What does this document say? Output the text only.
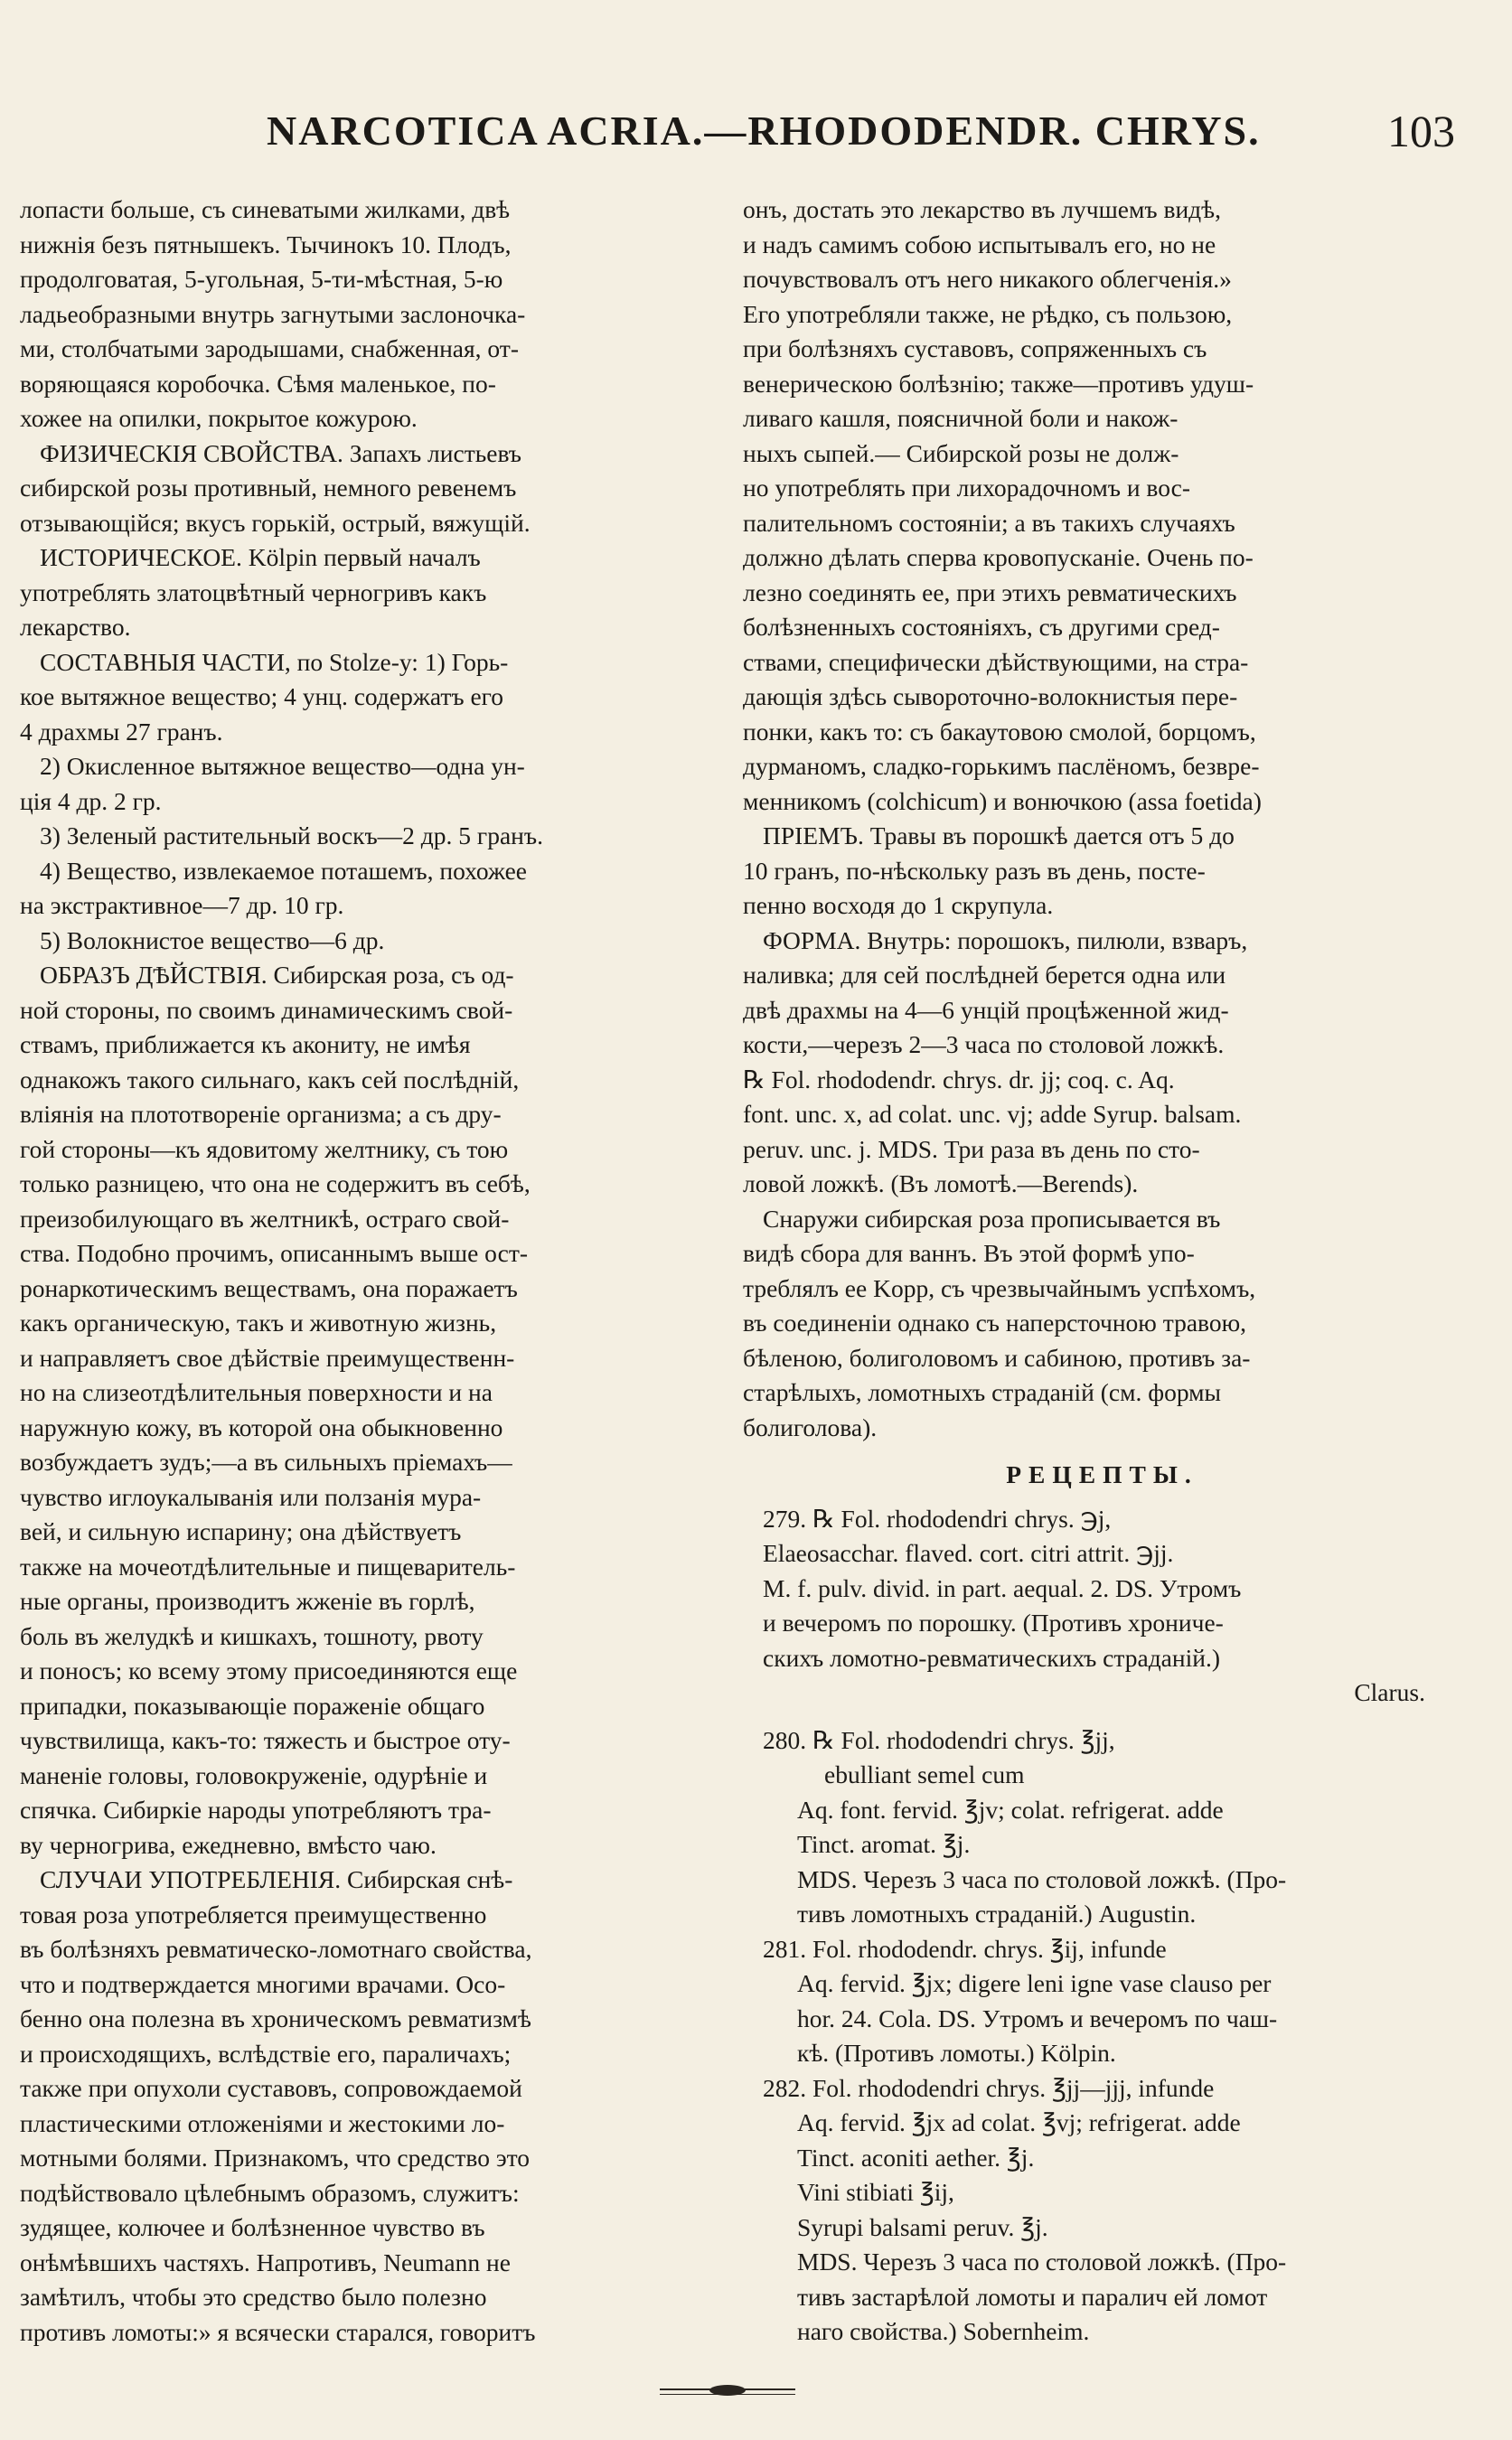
NARCOTICA ACRIA.—RHODODENDR. CHRYS.	103

лопасти больше, съ синеватыми жилками, двѣ

нижнія безъ пятнышекъ. Тычинокъ 10. Плодъ,

продолговатая, 5-угольная, 5-ти-мѣстная, 5-ю

ладьеобразными внутрь загнутыми заслоночка-

ми, столбчатыми зародышами, снабженная, от-

воряющаяся коробочка. Сѣмя маленькое, по-

хожее на опилки, покрытое кожурою.

ФИЗИЧЕСКІЯ СВОЙСТВА. Запахъ листьевъ

сибирской розы противный, немного ревенемъ

отзывающійся; вкусъ горькій, острый, вяжущій.

ИСТОРИЧЕСКОЕ. Kölpin первый началъ

употреблять златоцвѣтный черногривъ какъ

лекарство.

СОСТАВНЫЯ ЧАСТИ, по Stolze-у: 1) Горь-

кое вытяжное вещество; 4 унц. содержатъ его

4 драхмы 27 гранъ.

2) Окисленное вытяжное вещество—одна ун-

ція 4 др. 2 гр.

3) Зеленый растительный воскъ—2 др. 5 гранъ.

4) Вещество, извлекаемое поташемъ, похожее

на экстрактивное—7 др. 10 гр.

5) Волокнистое вещество—6 др.

ОБРАЗЪ ДѢЙСТВІЯ. Сибирская роза, съ од-

ной стороны, по своимъ динамическимъ свой-

ствамъ, приближается къ акониту, не имѣя

однакожъ такого сильнаго, какъ сей послѣдній,

вліянія на плототвореніе организма; а съ дру-

гой стороны—къ ядовитому желтнику, съ тою

только разницею, что она не содержитъ въ себѣ,

преизобилующаго въ желтникѣ, остраго свой-

ства. Подобно прочимъ, описаннымъ выше ост-

ронаркотическимъ веществамъ, она поражаетъ

какъ органическую, такъ и животную жизнь,

и направляетъ свое дѣйствіе преимущественн-

но на слизеотдѣлительныя поверхности и на

наружную кожу, въ которой она обыкновенно

возбуждаетъ зудъ;—а въ сильныхъ пріемахъ—

чувство иглоукалыванія или ползанія мура-

вей, и сильную испарину; она дѣйствуетъ

также на мочеотдѣлительные и пищеваритель-

ные органы, производитъ жженіе въ горлѣ,

боль въ желудкѣ и кишкахъ, тошноту, рвоту

и поносъ; ко всему этому присоединяются еще

припадки, показывающіе пораженіе общаго

чувствилища, какъ-то: тяжесть и быстрое оту-

маненіе головы, головокруженіе, одурѣніе и

спячка. Сибиркіе народы употребляютъ тра-

ву черногрива, ежедневно, вмѣсто чаю.

СЛУЧАИ УПОТРЕБЛЕНІЯ. Сибирская снѣ-

товая роза употребляется преимущественно

въ болѣзняхъ ревматическо-ломотнаго свойства,

что и подтверждается многими врачами. Осо-

бенно она полезна въ хроническомъ ревматизмѣ

и происходящихъ, вслѣдствіе его, параличахъ;

также при опухоли суставовъ, сопровождаемой

пластическими отложеніями и жестокими ло-

мотными болями. Признакомъ, что средство это

подѣйствовало цѣлебнымъ образомъ, служитъ:

зудящее, колючее и болѣзненное чувство въ

онѣмѣвшихъ частяхъ. Напротивъ, Neumann не

замѣтилъ, чтобы это средство было полезно

противъ ломоты:» я всячески старался, говоритъ

онъ, достать это лекарство въ лучшемъ видѣ,

и надъ самимъ собою испытывалъ его, но не

почувствовалъ отъ него никакого облегченія.»

Его употребляли также, не рѣдко, съ пользою,

при болѣзняхъ суставовъ, сопряженныхъ съ

венерическою болѣзнію; также—противъ удуш-

ливаго кашля, поясничной боли и накож-

ныхъ сыпей.— Сибирской розы не долж-

но употреблять при лихорадочномъ и вос-

палительномъ состояніи; а въ такихъ случаяхъ

должно дѣлать сперва кровопусканіе. Очень по-

лезно соединять ее, при этихъ ревматическихъ

болѣзненныхъ состояніяхъ, съ другими сред-

ствами, специфически дѣйствующими, на стра-

дающія здѣсь сывороточно-волокнистыя пере-

понки, какъ то: съ бакаутовою смолой, борцомъ,

дурманомъ, сладко-горькимъ паслёномъ, безвре-

менникомъ (colchicum) и вонючкою (assa foetida)

ПРІЕМЪ. Травы въ порошкѣ дается отъ 5 до

10 гранъ, по-нѣскольку разъ въ день, посте-

пенно восходя до 1 скрупула.

ФОРМА. Внутрь: порошокъ, пилюли, взваръ,

наливка; для сей послѣдней берется одна или

двѣ драхмы на 4—6 унцій процѣженной жид-

кости,—черезъ 2—3 часа по столовой ложкѣ.

℞ Fol. rhododendr. chrys. dr. jj; coq. c. Aq.

font. unc. x, ad colat. unc. vj; adde Syrup. balsam.

peruv. unc. j. MDS. Три раза въ день по сто-

ловой ложкѣ. (Въ ломотѣ.—Berends).

Снаружи сибирская роза прописывается въ

видѣ сбора для ваннъ. Въ этой формѣ упо-

треблялъ ее Kopp, съ чрезвычайнымъ успѣхомъ,

въ соединеніи однако съ наперсточною травою,

бѣленою, болиголовомъ и сабиною, противъ за-

старѣлыхъ, ломотныхъ страданій (см. формы

болиголова).

РЕЦЕПТЫ.

279. ℞ Fol. rhododendri chrys. ℈j,

Elaeosacchar. flaved. cort. citri attrit. ℈jj.

M. f. pulv. divid. in part. aequal. 2. DS. Утромъ

и вечеромъ по порошку. (Противъ хрониче-

скихъ ломотно-ревматическихъ страданій.)

Clarus.

280. ℞ Fol. rhododendri chrys. ℥jj,

ebulliant semel cum

Aq. font. fervid. ℥jv; colat. refrigerat. adde

Tinct. aromat. ℥j.

MDS. Черезъ 3 часа по столовой ложкѣ. (Про-

тивъ ломотныхъ страданій.) Augustin.

281. Fol. rhododendr. chrys. ℥ij, infunde

Aq. fervid. ℥jx; digere leni igne vase clauso per

hor. 24. Cola. DS. Утромъ и вечеромъ по чаш-

кѣ. (Противъ ломоты.) Kölpin.

282. Fol. rhododendri chrys. ℥jj—jjj, infunde

Aq. fervid. ℥jx ad colat. ℥vj; refrigerat. adde

Tinct. aconiti aether. ℥j.

Vini stibiati ℥ij,

Syrupi balsami peruv. ℥j.

MDS. Черезъ 3 часа по столовой ложкѣ. (Про-

тивъ застарѣлой ломоты и паралич ей ломот

наго свойства.) Sobernheim.
